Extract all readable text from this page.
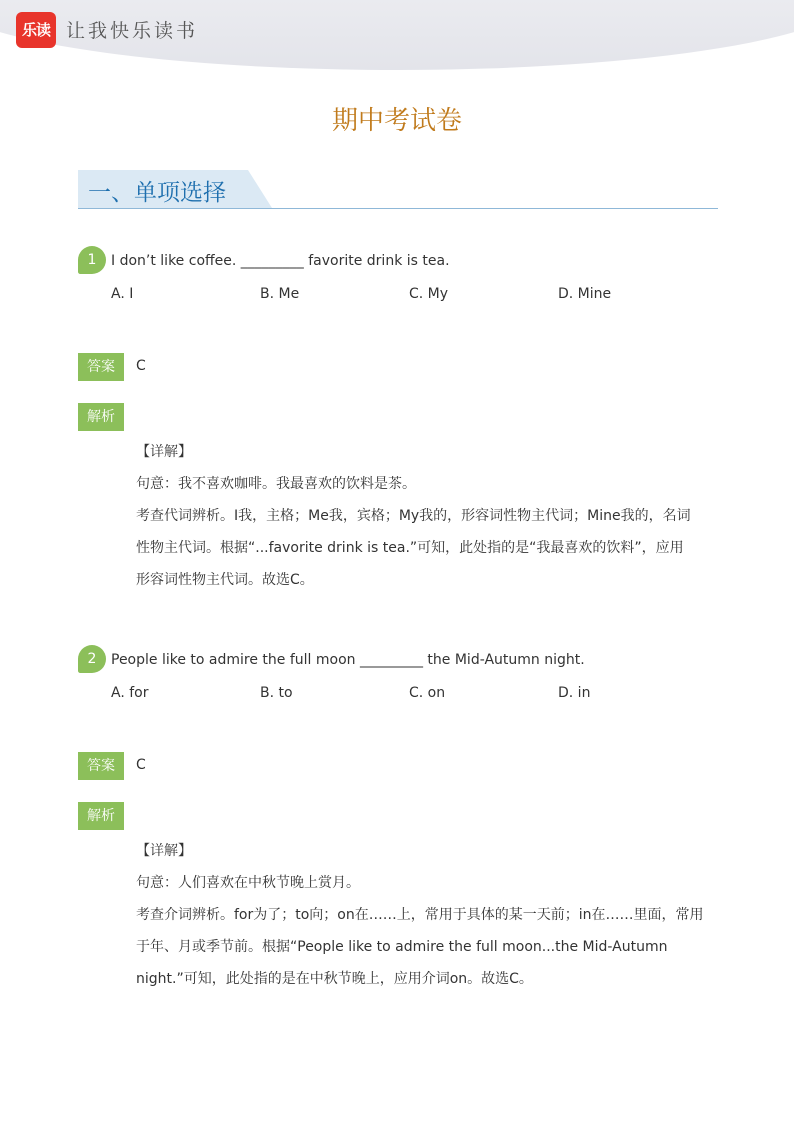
乐读 让我快乐读书
期中考试卷
一、单项选择
1	I don’t like coffee. _________ favorite drink is tea.
A. I	B. Me	C. My	D. Mine
答案	C
解析
【详解】
句意：我不喜欢咖啡。我最喜欢的饮料是茶。
考查代词辨析。I我，主格；Me我，宾格；My我的，形容词性物主代词；Mine我的，名词
性物主代词。根据“...favorite drink is tea.”可知，此处指的是“我最喜欢的饮料”，应用
形容词性物主代词。故选C。
2	People like to admire the full moon _________ the Mid-Autumn night.
A. for	B. to	C. on	D. in
答案	C
解析
【详解】
句意：人们喜欢在中秋节晚上赏月。
考查介词辨析。for为了；to向；on在……上，常用于具体的某一天前；in在……里面，常用
于年、月或季节前。根据“People like to admire the full moon...the Mid-Autumn
night.”可知，此处指的是在中秋节晚上，应用介词on。故选C。
